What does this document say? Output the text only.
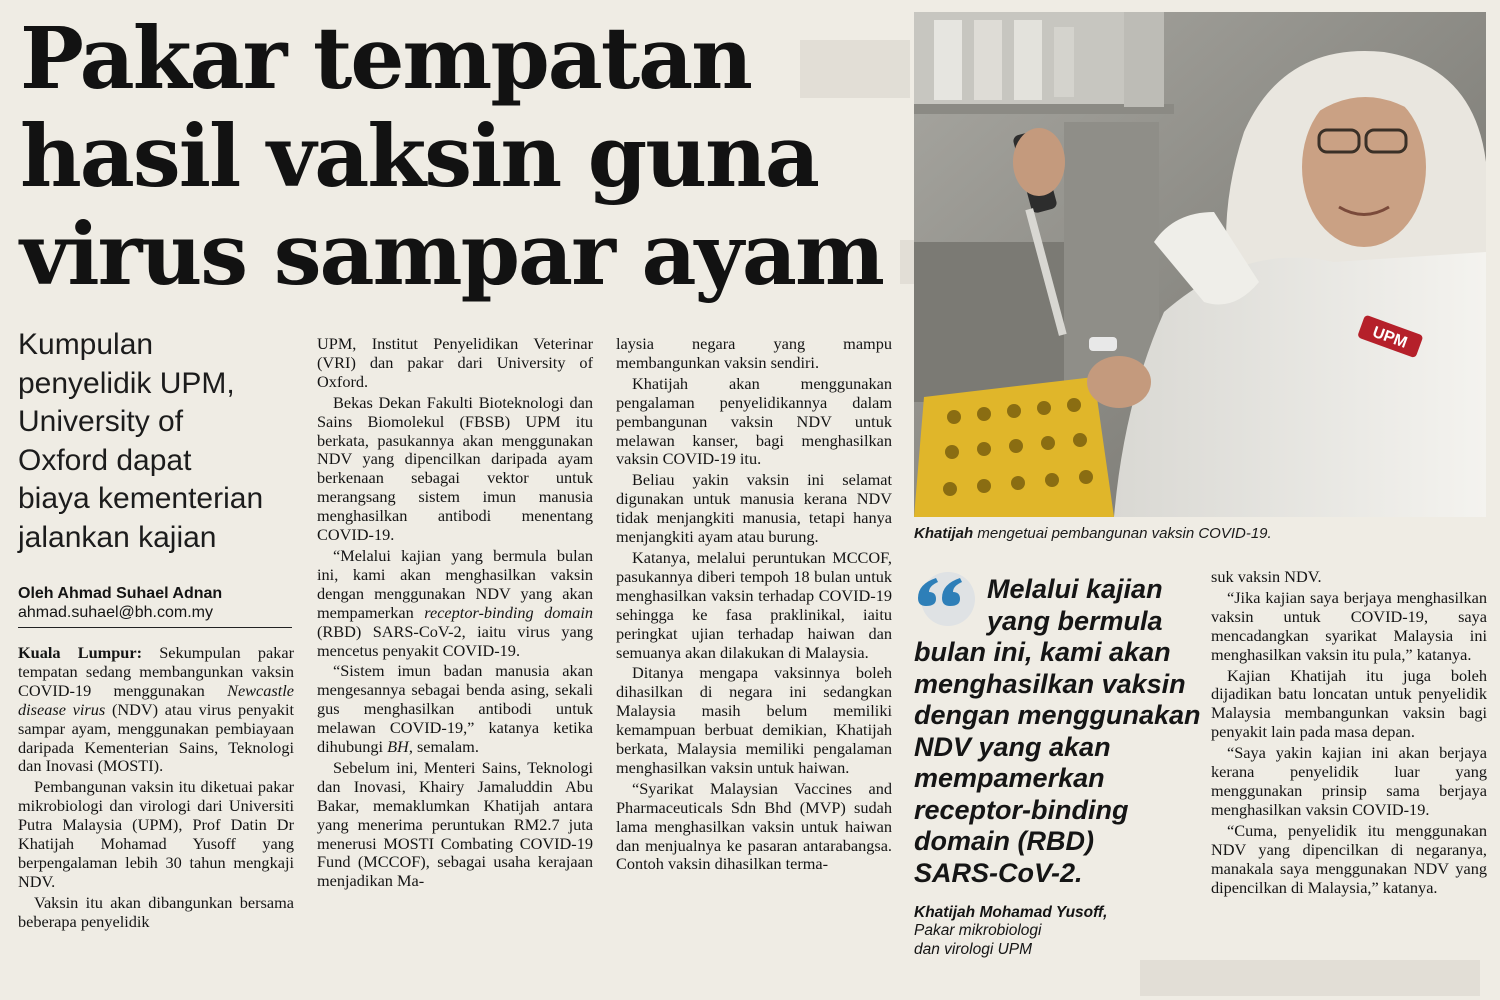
Pakar tempatan
hasil vaksin guna
virus sampar ayam
Kumpulan
penyelidik UPM,
University of
Oxford dapat
biaya kementerian
jalankan kajian
Oleh Ahmad Suhael Adnan
ahmad.suhael@bh.com.my

Kuala Lumpur: Sekumpulan pakar tempatan sedang membangunkan vaksin COVID-19 menggunakan Newcastle disease virus (NDV) atau virus penyakit sampar ayam, menggunakan pembiayaan daripada Kementerian Sains, Teknologi dan Inovasi (MOSTI).

Pembangunan vaksin itu diketuai pakar mikrobiologi dan virologi dari Universiti Putra Malaysia (UPM), Prof Datin Dr Khatijah Mohamad Yusoff yang berpengalaman lebih 30 tahun mengkaji NDV.

Vaksin itu akan dibangunkan bersama beberapa penyelidik

UPM, Institut Penyelidikan Veterinar (VRI) dan pakar dari University of Oxford.

Bekas Dekan Fakulti Bioteknologi dan Sains Biomolekul (FBSB) UPM itu berkata, pasukannya akan menggunakan NDV yang dipencilkan daripada ayam berkenaan sebagai vektor untuk merangsang sistem imun manusia menghasilkan antibodi menentang COVID-19.

“Melalui kajian yang bermula bulan ini, kami akan menghasilkan vaksin dengan menggunakan NDV yang akan mempamerkan receptor-binding domain (RBD) SARS-CoV-2, iaitu virus yang mencetus penyakit COVID-19.

“Sistem imun badan manusia akan mengesannya sebagai benda asing, sekali gus menghasilkan antibodi untuk melawan COVID-19,” katanya ketika dihubungi BH, semalam.

Sebelum ini, Menteri Sains, Teknologi dan Inovasi, Khairy Jamaluddin Abu Bakar, memaklumkan Khatijah antara yang menerima peruntukan RM2.7 juta menerusi MOSTI Combating COVID-19 Fund (MCCOF), sebagai usaha kerajaan menjadikan Ma-

laysia negara yang mampu membangunkan vaksin sendiri.

Khatijah akan menggunakan pengalaman penyelidikannya dalam pembangunan vaksin NDV untuk melawan kanser, bagi menghasilkan vaksin COVID-19 itu.

Beliau yakin vaksin ini selamat digunakan untuk manusia kerana NDV tidak menjangkiti manusia, tetapi hanya menjangkiti ayam atau burung.

Katanya, melalui peruntukan MCCOF, pasukannya diberi tempoh 18 bulan untuk menghasilkan vaksin terhadap COVID-19 sehingga ke fasa praklinikal, iaitu peringkat ujian terhadap haiwan dan semuanya akan dilakukan di Malaysia.

Ditanya mengapa vaksinnya boleh dihasilkan di negara ini sedangkan Malaysia masih belum memiliki kemampuan berbuat demikian, Khatijah berkata, Malaysia memiliki pengalaman menghasilkan vaksin untuk haiwan.

“Syarikat Malaysian Vaccines and Pharmaceuticals Sdn Bhd (MVP) sudah lama menghasilkan vaksin untuk haiwan dan menjualnya ke pasaran antarabangsa. Contoh vaksin dihasilkan terma-

UPM
Khatijah mengetuai pembangunan vaksin COVID-19.
Melalui kajian
yang bermula
bulan ini, kami akan
menghasilkan vaksin
dengan menggunakan
NDV yang akan
mempamerkan
receptor-binding
domain (RBD)
SARS-CoV-2.
Khatijah Mohamad Yusoff,
Pakar mikrobiologi
dan virologi UPM

suk vaksin NDV.

“Jika kajian saya berjaya menghasilkan vaksin untuk COVID-19, saya mencadangkan syarikat Malaysia ini menghasilkan vaksin itu pula,” katanya.

Kajian Khatijah itu juga boleh dijadikan batu loncatan untuk penyelidik Malaysia membangunkan vaksin bagi penyakit lain pada masa depan.

“Saya yakin kajian ini akan berjaya kerana penyelidik luar yang menggunakan prinsip sama berjaya menghasilkan vaksin COVID-19.

“Cuma, penyelidik itu menggunakan NDV yang dipencilkan di negaranya, manakala saya menggunakan NDV yang dipencilkan di Malaysia,” katanya.
